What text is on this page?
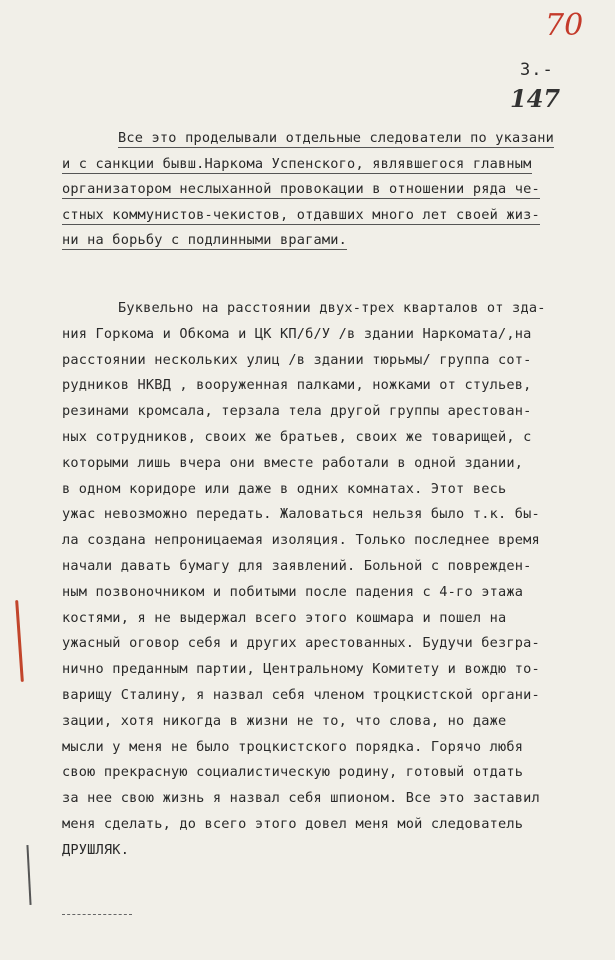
70
3.-
147
Все это проделывали отдельные следователи по указани
и с санкции бывш.Наркома Успенского, являвшегося главным
организатором неслыханной провокации в отношении ряда че-
стных коммунистов-чекистов, отдавших много лет своей жиз-
ни на борьбу с подлинными врагами.
Буквельно на расстоянии двух-трех кварталов от зда-
ния Горкома и Обкома и ЦК КП/б/У /в здании Наркомата/,на
расстоянии нескольких улиц /в здании тюрьмы/ группа сот-
рудников НКВД , вооруженная палками, ножками от стульев,
резинами кромсала, терзала тела другой группы арестован-
ных сотрудников, своих же братьев, своих же товарищей, с
которыми лишь вчера они вместе работали в одной здании,
в одном коридоре или даже в одних комнатах. Этот весь
ужас невозможно передать. Жаловаться нельзя было т.к. бы-
ла создана непроницаемая изоляция. Только последнее время
начали давать бумагу для заявлений. Больной с поврежден-
ным позвоночником и побитыми после падения с 4-го этажа
костями, я не выдержал всего этого кошмара и пошел на
ужасный оговор себя и других арестованных. Будучи безгра-
нично преданным партии, Центральному Комитету и вождю то-
варищу Сталину, я назвал себя членом троцкистской органи-
зации, хотя никогда в жизни не то, что слова, но даже
мысли у меня не было троцкистского порядка. Горячо любя
свою прекрасную социалистическую родину, готовый отдать
за нее свою жизнь я назвал себя шпионом. Все это заставил
меня сделать, до всего этого довел меня мой следователь
ДРУШЛЯК.
